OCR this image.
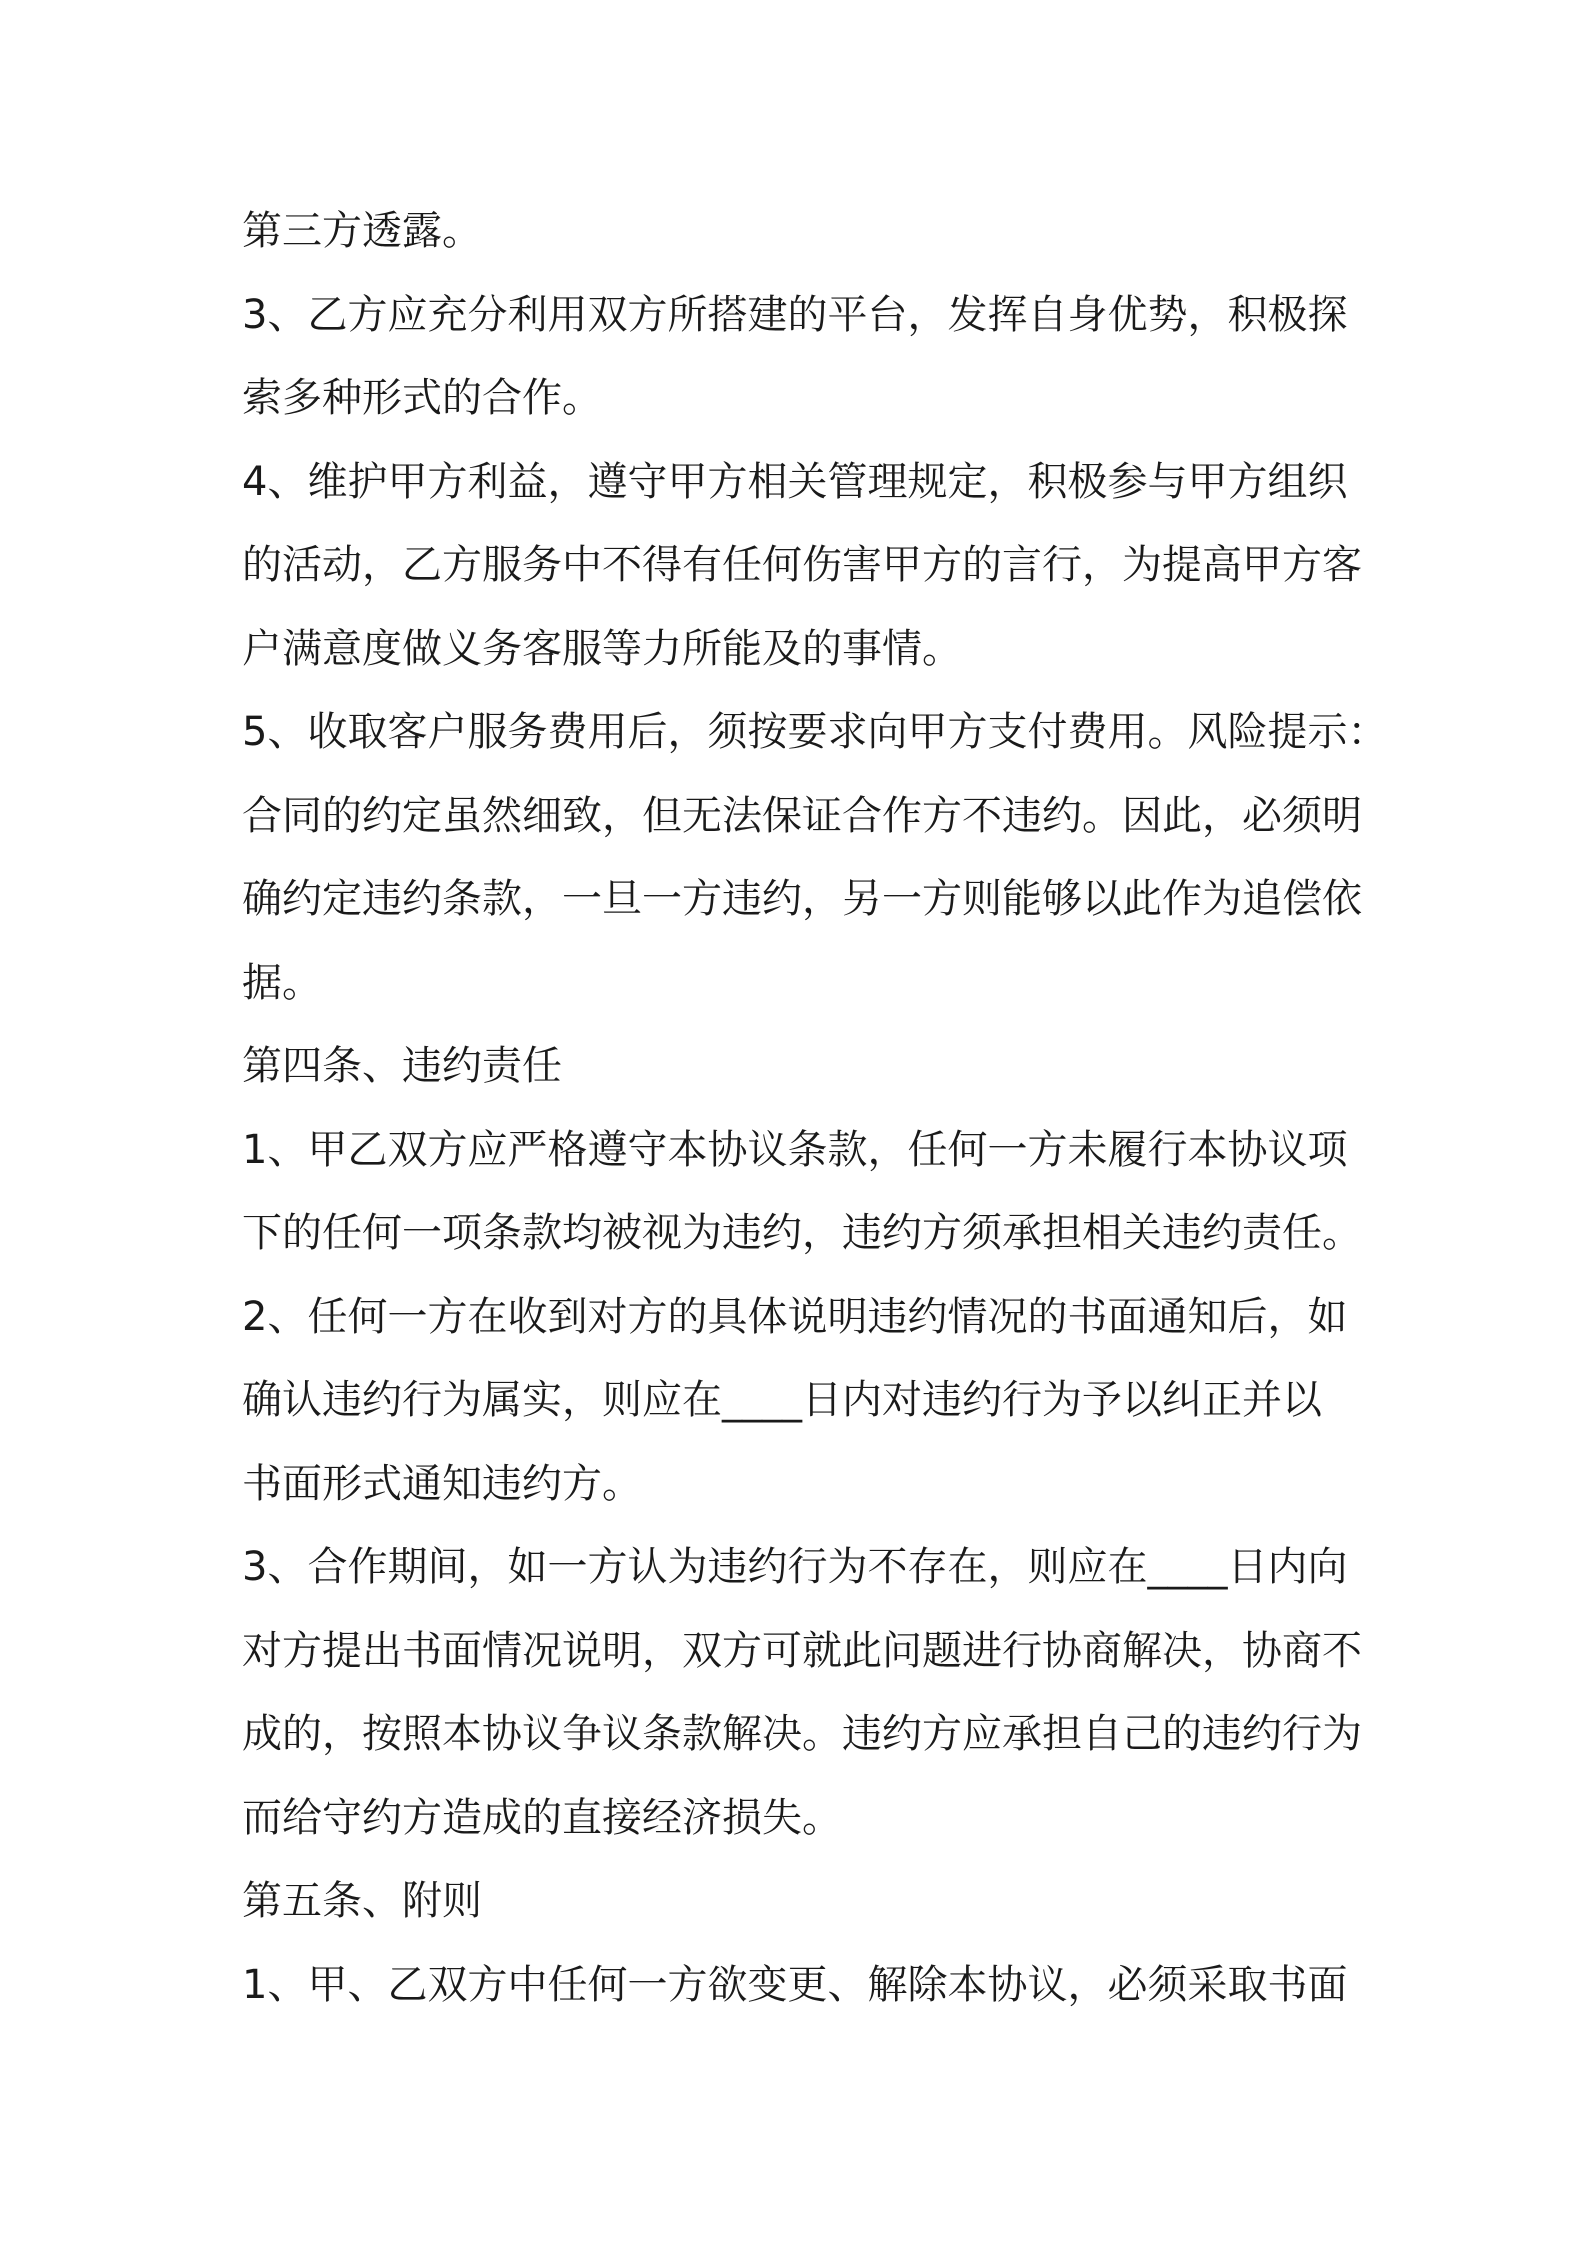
第三方透露。
3、乙方应充分利用双方所搭建的平台，发挥自身优势，积极探
索多种形式的合作。
4、维护甲方利益，遵守甲方相关管理规定，积极参与甲方组织
的活动，乙方服务中不得有任何伤害甲方的言行，为提高甲方客
户满意度做义务客服等力所能及的事情。
5、收取客户服务费用后，须按要求向甲方支付费用。风险提示：
合同的约定虽然细致，但无法保证合作方不违约。因此，必须明
确约定违约条款，一旦一方违约，另一方则能够以此作为追偿依
据。
第四条、违约责任
1、甲乙双方应严格遵守本协议条款，任何一方未履行本协议项
下的任何一项条款均被视为违约，违约方须承担相关违约责任。
2、任何一方在收到对方的具体说明违约情况的书面通知后，如
确认违约行为属实，则应在____日内对违约行为予以纠正并以
书面形式通知违约方。
3、合作期间，如一方认为违约行为不存在，则应在____日内向
对方提出书面情况说明，双方可就此问题进行协商解决，协商不
成的，按照本协议争议条款解决。违约方应承担自己的违约行为
而给守约方造成的直接经济损失。
第五条、附则
1、甲、乙双方中任何一方欲变更、解除本协议，必须采取书面
